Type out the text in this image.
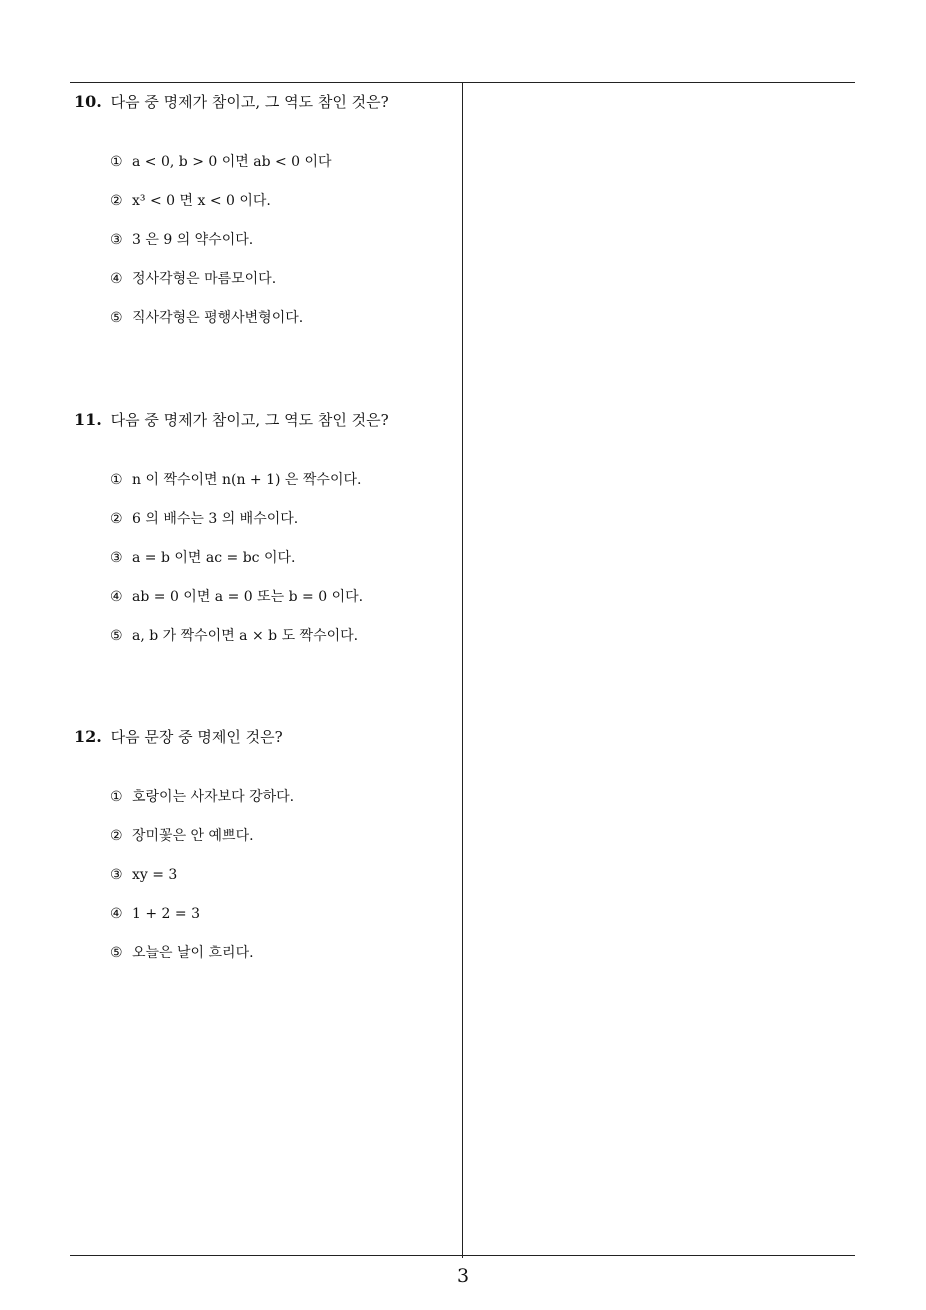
10. 다음 중 명제가 참이고, 그 역도 참인 것은?
① a < 0, b > 0 이면 ab < 0 이다
② x³ < 0 면 x < 0 이다.
③ 3 은 9 의 약수이다.
④ 정사각형은 마름모이다.
⑤ 직사각형은 평행사변형이다.
11. 다음 중 명제가 참이고, 그 역도 참인 것은?
① n 이 짝수이면 n(n + 1) 은 짝수이다.
② 6 의 배수는 3 의 배수이다.
③ a = b 이면 ac = bc 이다.
④ ab = 0 이면 a = 0 또는 b = 0 이다.
⑤ a, b 가 짝수이면 a × b 도 짝수이다.
12. 다음 문장 중 명제인 것은?
① 호랑이는 사자보다 강하다.
② 장미꽃은 안 예쁘다.
③ xy = 3
④ 1 + 2 = 3
⑤ 오늘은 날이 흐리다.
3
